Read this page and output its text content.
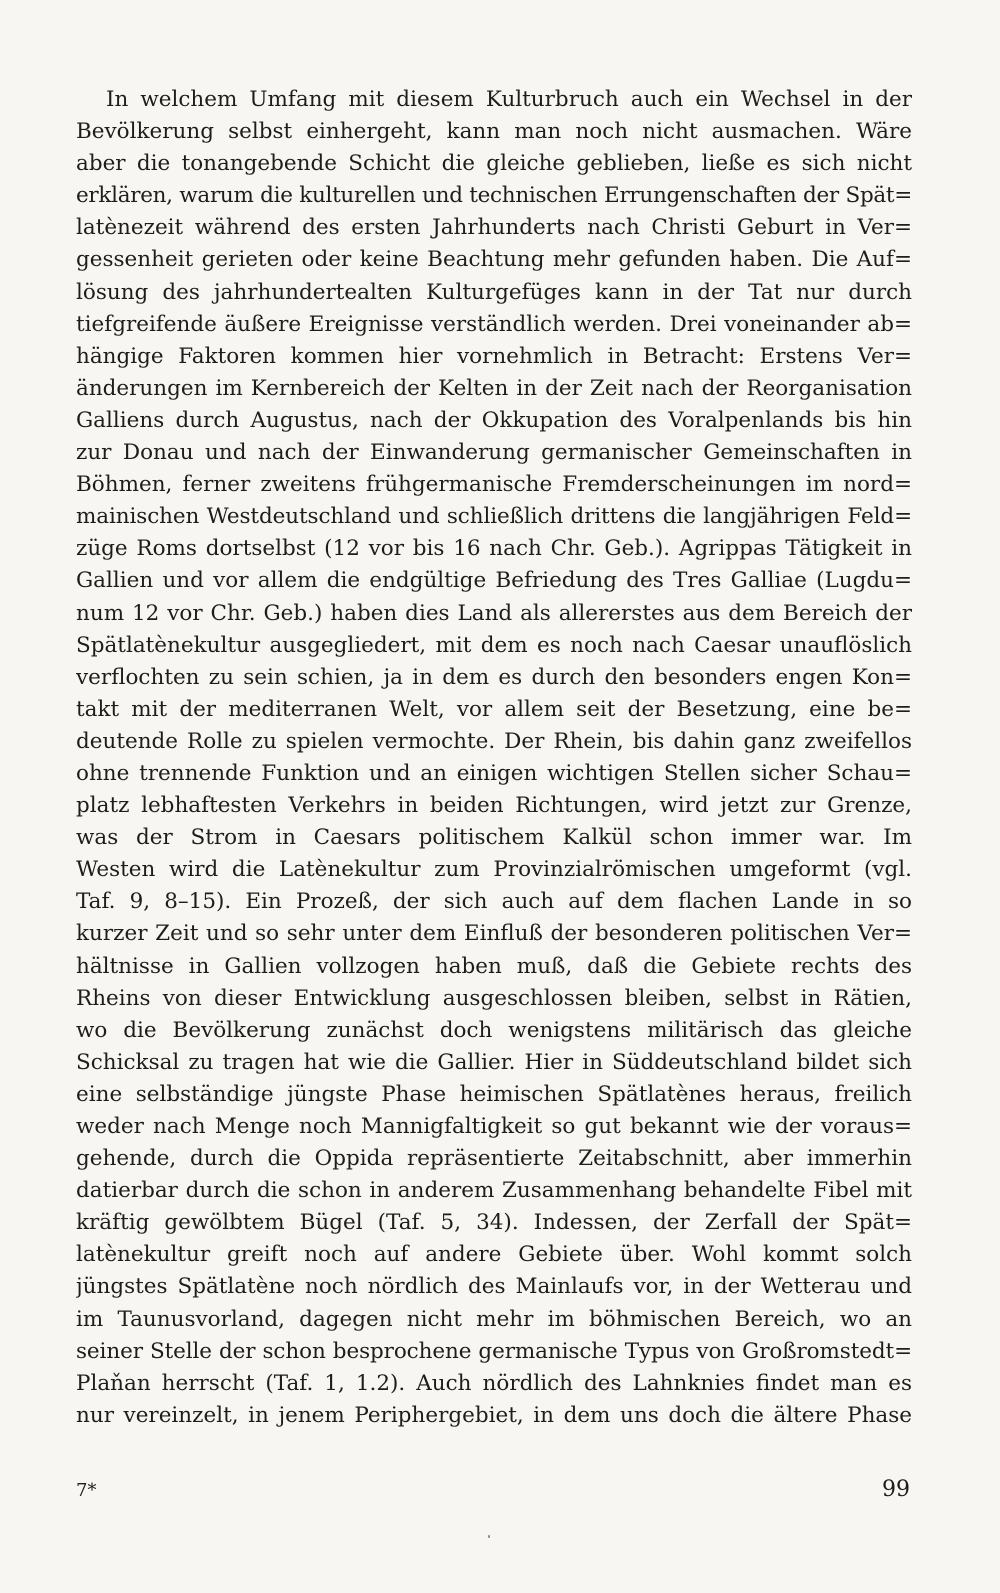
In welchem Umfang mit diesem Kulturbruch auch ein Wechsel in der
Bevölkerung selbst einhergeht, kann man noch nicht ausmachen. Wäre
aber die tonangebende Schicht die gleiche geblieben, ließe es sich nicht
erklären, warum die kulturellen und technischen Errungenschaften der Spät=
latènezeit während des ersten Jahrhunderts nach Christi Geburt in Ver=
gessenheit gerieten oder keine Beachtung mehr gefunden haben. Die Auf=
lösung des jahrhundertealten Kulturgefüges kann in der Tat nur durch
tiefgreifende äußere Ereignisse verständlich werden. Drei voneinander ab=
hängige Faktoren kommen hier vornehmlich in Betracht: Erstens Ver=
änderungen im Kernbereich der Kelten in der Zeit nach der Reorganisation
Galliens durch Augustus, nach der Okkupation des Voralpenlands bis hin
zur Donau und nach der Einwanderung germanischer Gemeinschaften in
Böhmen, ferner zweitens frühgermanische Fremderscheinungen im nord=
mainischen Westdeutschland und schließlich drittens die langjährigen Feld=
züge Roms dortselbst (12 vor bis 16 nach Chr. Geb.). Agrippas Tätigkeit in
Gallien und vor allem die endgültige Befriedung des Tres Galliae (Lugdu=
num 12 vor Chr. Geb.) haben dies Land als allererstes aus dem Bereich der
Spätlatènekultur ausgegliedert, mit dem es noch nach Caesar unauflöslich
verflochten zu sein schien, ja in dem es durch den besonders engen Kon=
takt mit der mediterranen Welt, vor allem seit der Besetzung, eine be=
deutende Rolle zu spielen vermochte. Der Rhein, bis dahin ganz zweifellos
ohne trennende Funktion und an einigen wichtigen Stellen sicher Schau=
platz lebhaftesten Verkehrs in beiden Richtungen, wird jetzt zur Grenze,
was der Strom in Caesars politischem Kalkül schon immer war. Im
Westen wird die Latènekultur zum Provinzialrömischen umgeformt (vgl.
Taf. 9, 8–15). Ein Prozeß, der sich auch auf dem flachen Lande in so
kurzer Zeit und so sehr unter dem Einfluß der besonderen politischen Ver=
hältnisse in Gallien vollzogen haben muß, daß die Gebiete rechts des
Rheins von dieser Entwicklung ausgeschlossen bleiben, selbst in Rätien,
wo die Bevölkerung zunächst doch wenigstens militärisch das gleiche
Schicksal zu tragen hat wie die Gallier. Hier in Süddeutschland bildet sich
eine selbständige jüngste Phase heimischen Spätlatènes heraus, freilich
weder nach Menge noch Mannigfaltigkeit so gut bekannt wie der voraus=
gehende, durch die Oppida repräsentierte Zeitabschnitt, aber immerhin
datierbar durch die schon in anderem Zusammenhang behandelte Fibel mit
kräftig gewölbtem Bügel (Taf. 5, 34). Indessen, der Zerfall der Spät=
latènekultur greift noch auf andere Gebiete über. Wohl kommt solch
jüngstes Spätlatène noch nördlich des Mainlaufs vor, in der Wetterau und
im Taunusvorland, dagegen nicht mehr im böhmischen Bereich, wo an
seiner Stelle der schon besprochene germanische Typus von Großromstedt=
Plaňan herrscht (Taf. 1, 1.2). Auch nördlich des Lahnknies findet man es
nur vereinzelt, in jenem Periphergebiet, in dem uns doch die ältere Phase
7*	99
